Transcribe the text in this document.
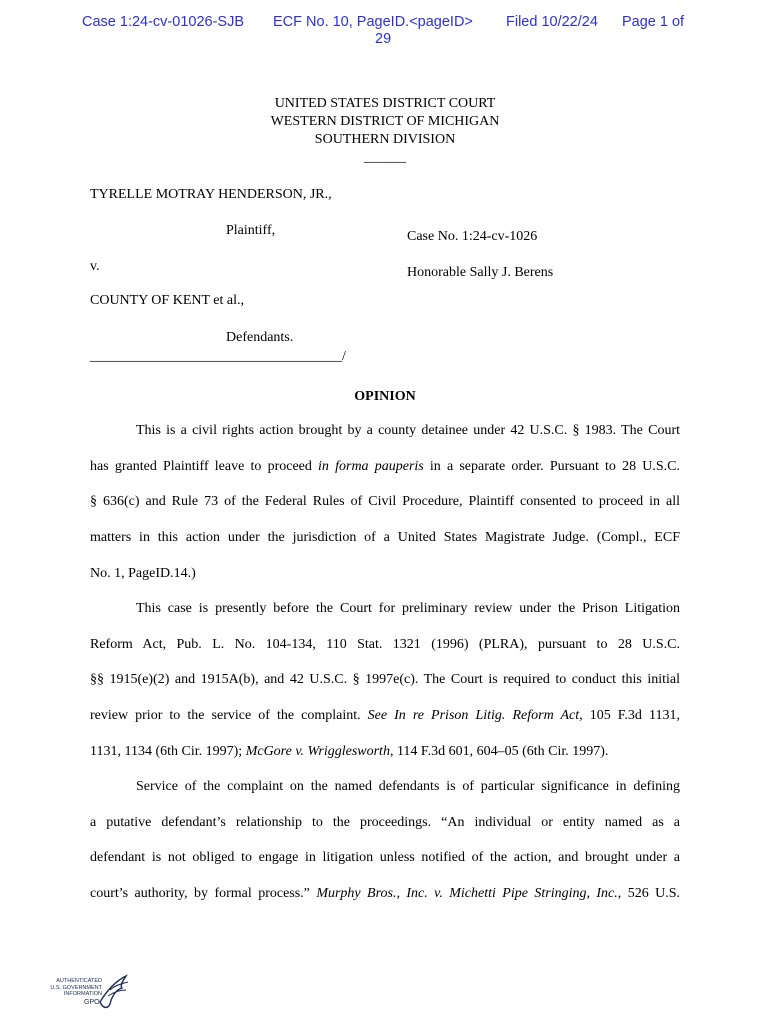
Case 1:24-cv-01026-SJB ECF No. 10, PageID.<pageID> Filed 10/22/24 Page 1 of
29
UNITED STATES DISTRICT COURT
WESTERN DISTRICT OF MICHIGAN
SOUTHERN DIVISION
______
TYRELLE MOTRAY HENDERSON, JR.,
Plaintiff,	Case No. 1:24-cv-1026
v.	Honorable Sally J. Berens
COUNTY OF KENT et al.,
Defendants.
____________________________________/
OPINION
This is a civil rights action brought by a county detainee under 42 U.S.C. § 1983. The Court
has granted Plaintiff leave to proceed in forma pauperis in a separate order. Pursuant to 28 U.S.C.
§ 636(c) and Rule 73 of the Federal Rules of Civil Procedure, Plaintiff consented to proceed in all
matters in this action under the jurisdiction of a United States Magistrate Judge. (Compl., ECF
No. 1, PageID.14.)
This case is presently before the Court for preliminary review under the Prison Litigation
Reform Act, Pub. L. No. 104-134, 110 Stat. 1321 (1996) (PLRA), pursuant to 28 U.S.C.
§§ 1915(e)(2) and 1915A(b), and 42 U.S.C. § 1997e(c). The Court is required to conduct this initial
review prior to the service of the complaint. See In re Prison Litig. Reform Act, 105 F.3d 1131,
1131, 1134 (6th Cir. 1997); McGore v. Wrigglesworth, 114 F.3d 601, 604–05 (6th Cir. 1997).
Service of the complaint on the named defendants is of particular significance in defining
a putative defendant’s relationship to the proceedings. “An individual or entity named as a
defendant is not obliged to engage in litigation unless notified of the action, and brought under a
court’s authority, by formal process.” Murphy Bros., Inc. v. Michetti Pipe Stringing, Inc., 526 U.S.
AUTHENTICATED
U.S. GOVERNMENT
INFORMATION
GPO
